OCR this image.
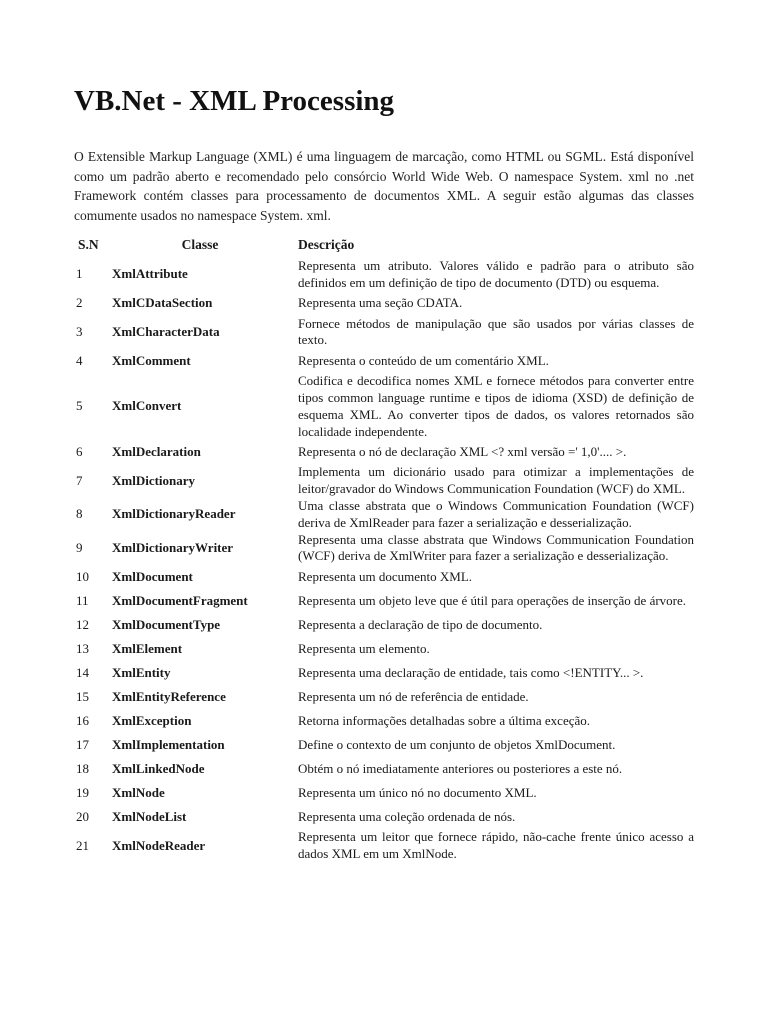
VB.Net - XML Processing

O Extensible Markup Language (XML) é uma linguagem de marcação, como HTML ou SGML. Está disponível como um padrão aberto e recomendado pelo consórcio World Wide Web. O namespace System. xml no .net Framework contém classes para processamento de documentos XML. A seguir estão algumas das classes comumente usados no namespace System. xml.

S.N	Classe	Descrição
1	XmlAttribute	Representa um atributo. Valores válido e padrão para o atributo são definidos em um definição de tipo de documento (DTD) ou esquema.
2	XmlCDataSection	Representa uma seção CDATA.
3	XmlCharacterData	Fornece métodos de manipulação que são usados por várias classes de texto.
4	XmlComment	Representa o conteúdo de um comentário XML.
5	XmlConvert	Codifica e decodifica nomes XML e fornece métodos para converter entre tipos common language runtime e tipos de idioma (XSD) de definição de esquema XML. Ao converter tipos de dados, os valores retornados são localidade independente.
6	XmlDeclaration	Representa o nó de declaração XML <? xml versão =' 1,0'.... >.
7	XmlDictionary	Implementa um dicionário usado para otimizar a implementações de leitor/gravador do Windows Communication Foundation (WCF) do XML.
8	XmlDictionaryReader	Uma classe abstrata que o Windows Communication Foundation (WCF) deriva de XmlReader para fazer a serialização e desserialização.
9	XmlDictionaryWriter	Representa uma classe abstrata que Windows Communication Foundation (WCF) deriva de XmlWriter para fazer a serialização e desserialização.
10	XmlDocument	Representa um documento XML.
11	XmlDocumentFragment	Representa um objeto leve que é útil para operações de inserção de árvore.
12	XmlDocumentType	Representa a declaração de tipo de documento.
13	XmlElement	Representa um elemento.
14	XmlEntity	Representa uma declaração de entidade, tais como <!ENTITY... >.
15	XmlEntityReference	Representa um nó de referência de entidade.
16	XmlException	Retorna informações detalhadas sobre a última exceção.
17	XmlImplementation	Define o contexto de um conjunto de objetos XmlDocument.
18	XmlLinkedNode	Obtém o nó imediatamente anteriores ou posteriores a este nó.
19	XmlNode	Representa um único nó no documento XML.
20	XmlNodeList	Representa uma coleção ordenada de nós.
21	XmlNodeReader	Representa um leitor que fornece rápido, não-cache frente único acesso a dados XML em um XmlNode.
